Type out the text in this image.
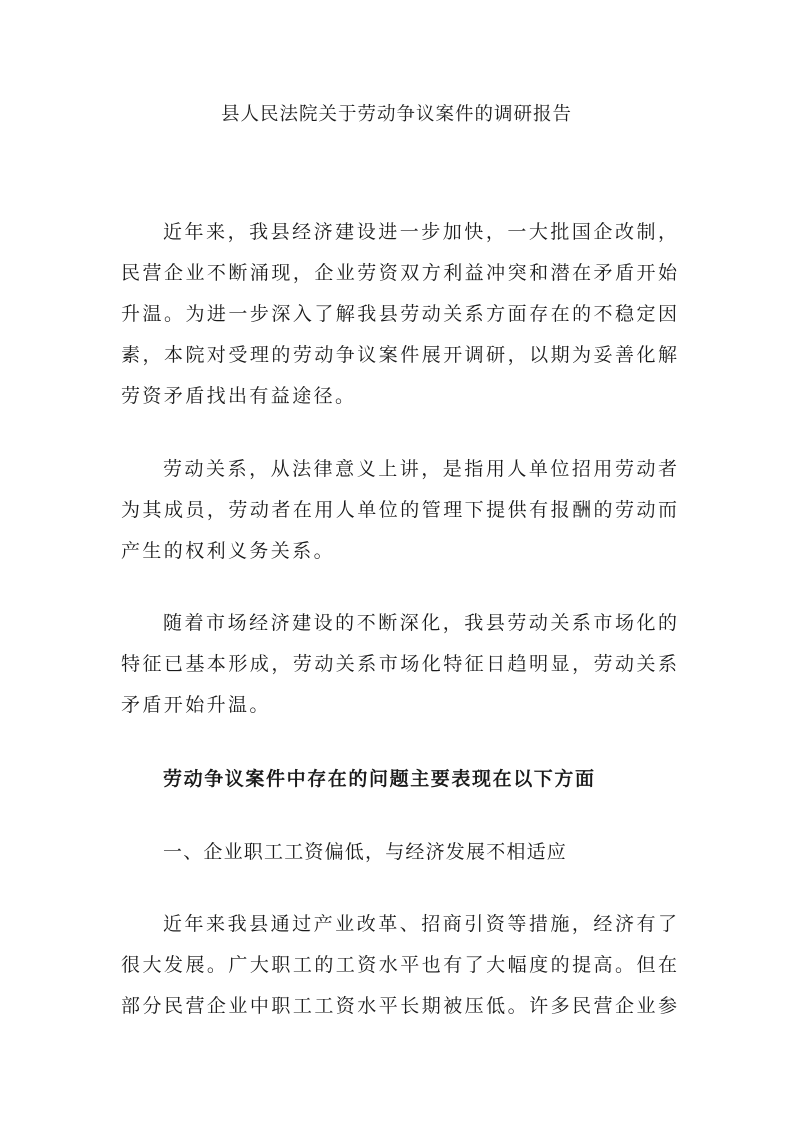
县人民法院关于劳动争议案件的调研报告
近年来，我县经济建设进一步加快，一大批国企改制，
民营企业不断涌现，企业劳资双方利益冲突和潜在矛盾开始
升温。为进一步深入了解我县劳动关系方面存在的不稳定因
素，本院对受理的劳动争议案件展开调研，以期为妥善化解
劳资矛盾找出有益途径。
劳动关系，从法律意义上讲，是指用人单位招用劳动者
为其成员，劳动者在用人单位的管理下提供有报酬的劳动而
产生的权利义务关系。
随着市场经济建设的不断深化，我县劳动关系市场化的
特征已基本形成，劳动关系市场化特征日趋明显，劳动关系
矛盾开始升温。
劳动争议案件中存在的问题主要表现在以下方面
一、企业职工工资偏低，与经济发展不相适应
近年来我县通过产业改革、招商引资等措施，经济有了
很大发展。广大职工的工资水平也有了大幅度的提高。但在
部分民营企业中职工工资水平长期被压低。许多民营企业参
